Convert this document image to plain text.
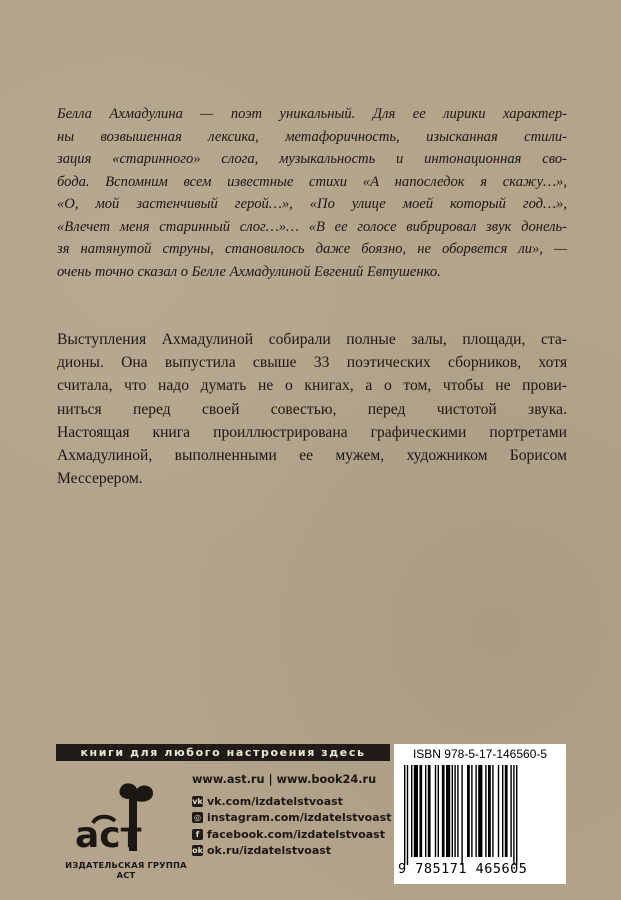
Белла Ахмадулина — поэт уникальный. Для ее лирики характер-
ны возвышенная лексика, метафоричность, изысканная стили-
зация «старинного» слога, музыкальность и интонационная сво-
бода. Вспомним всем известные стихи «А напоследок я скажу…»,
«О, мой застенчивый герой…», «По улице моей который год…»,
«Влечет меня старинный слог…»… «В ее голосе вибрировал звук донель-
зя натянутой струны, становилось даже боязно, не оборвется ли», —
очень точно сказал о Белле Ахмадулиной Евгений Евтушенко.
Выступления Ахмадулиной собирали полные залы, площади, ста-
дионы. Она выпустила свыше 33 поэтических сборников, хотя
считала, что надо думать не о книгах, а о том, чтобы не прови-
ниться перед своей совестью, перед чистотой звука.
Настоящая книга проиллюстрирована графическими портретами
Ахмадулиной, выполненными ее мужем, художником Борисом
Мессерером.
книги для любого настроения здесь
аст
ИЗДАТЕЛЬСКАЯ ГРУППА АСТ
www.ast.ru | www.book24.ru
vk vk.com/izdatelstvoast
◎ instagram.com/izdatelstvoast
f facebook.com/izdatelstvoast
ok ok.ru/izdatelstvoast
ISBN 978-5-17-146560-5
9 785171 465605
